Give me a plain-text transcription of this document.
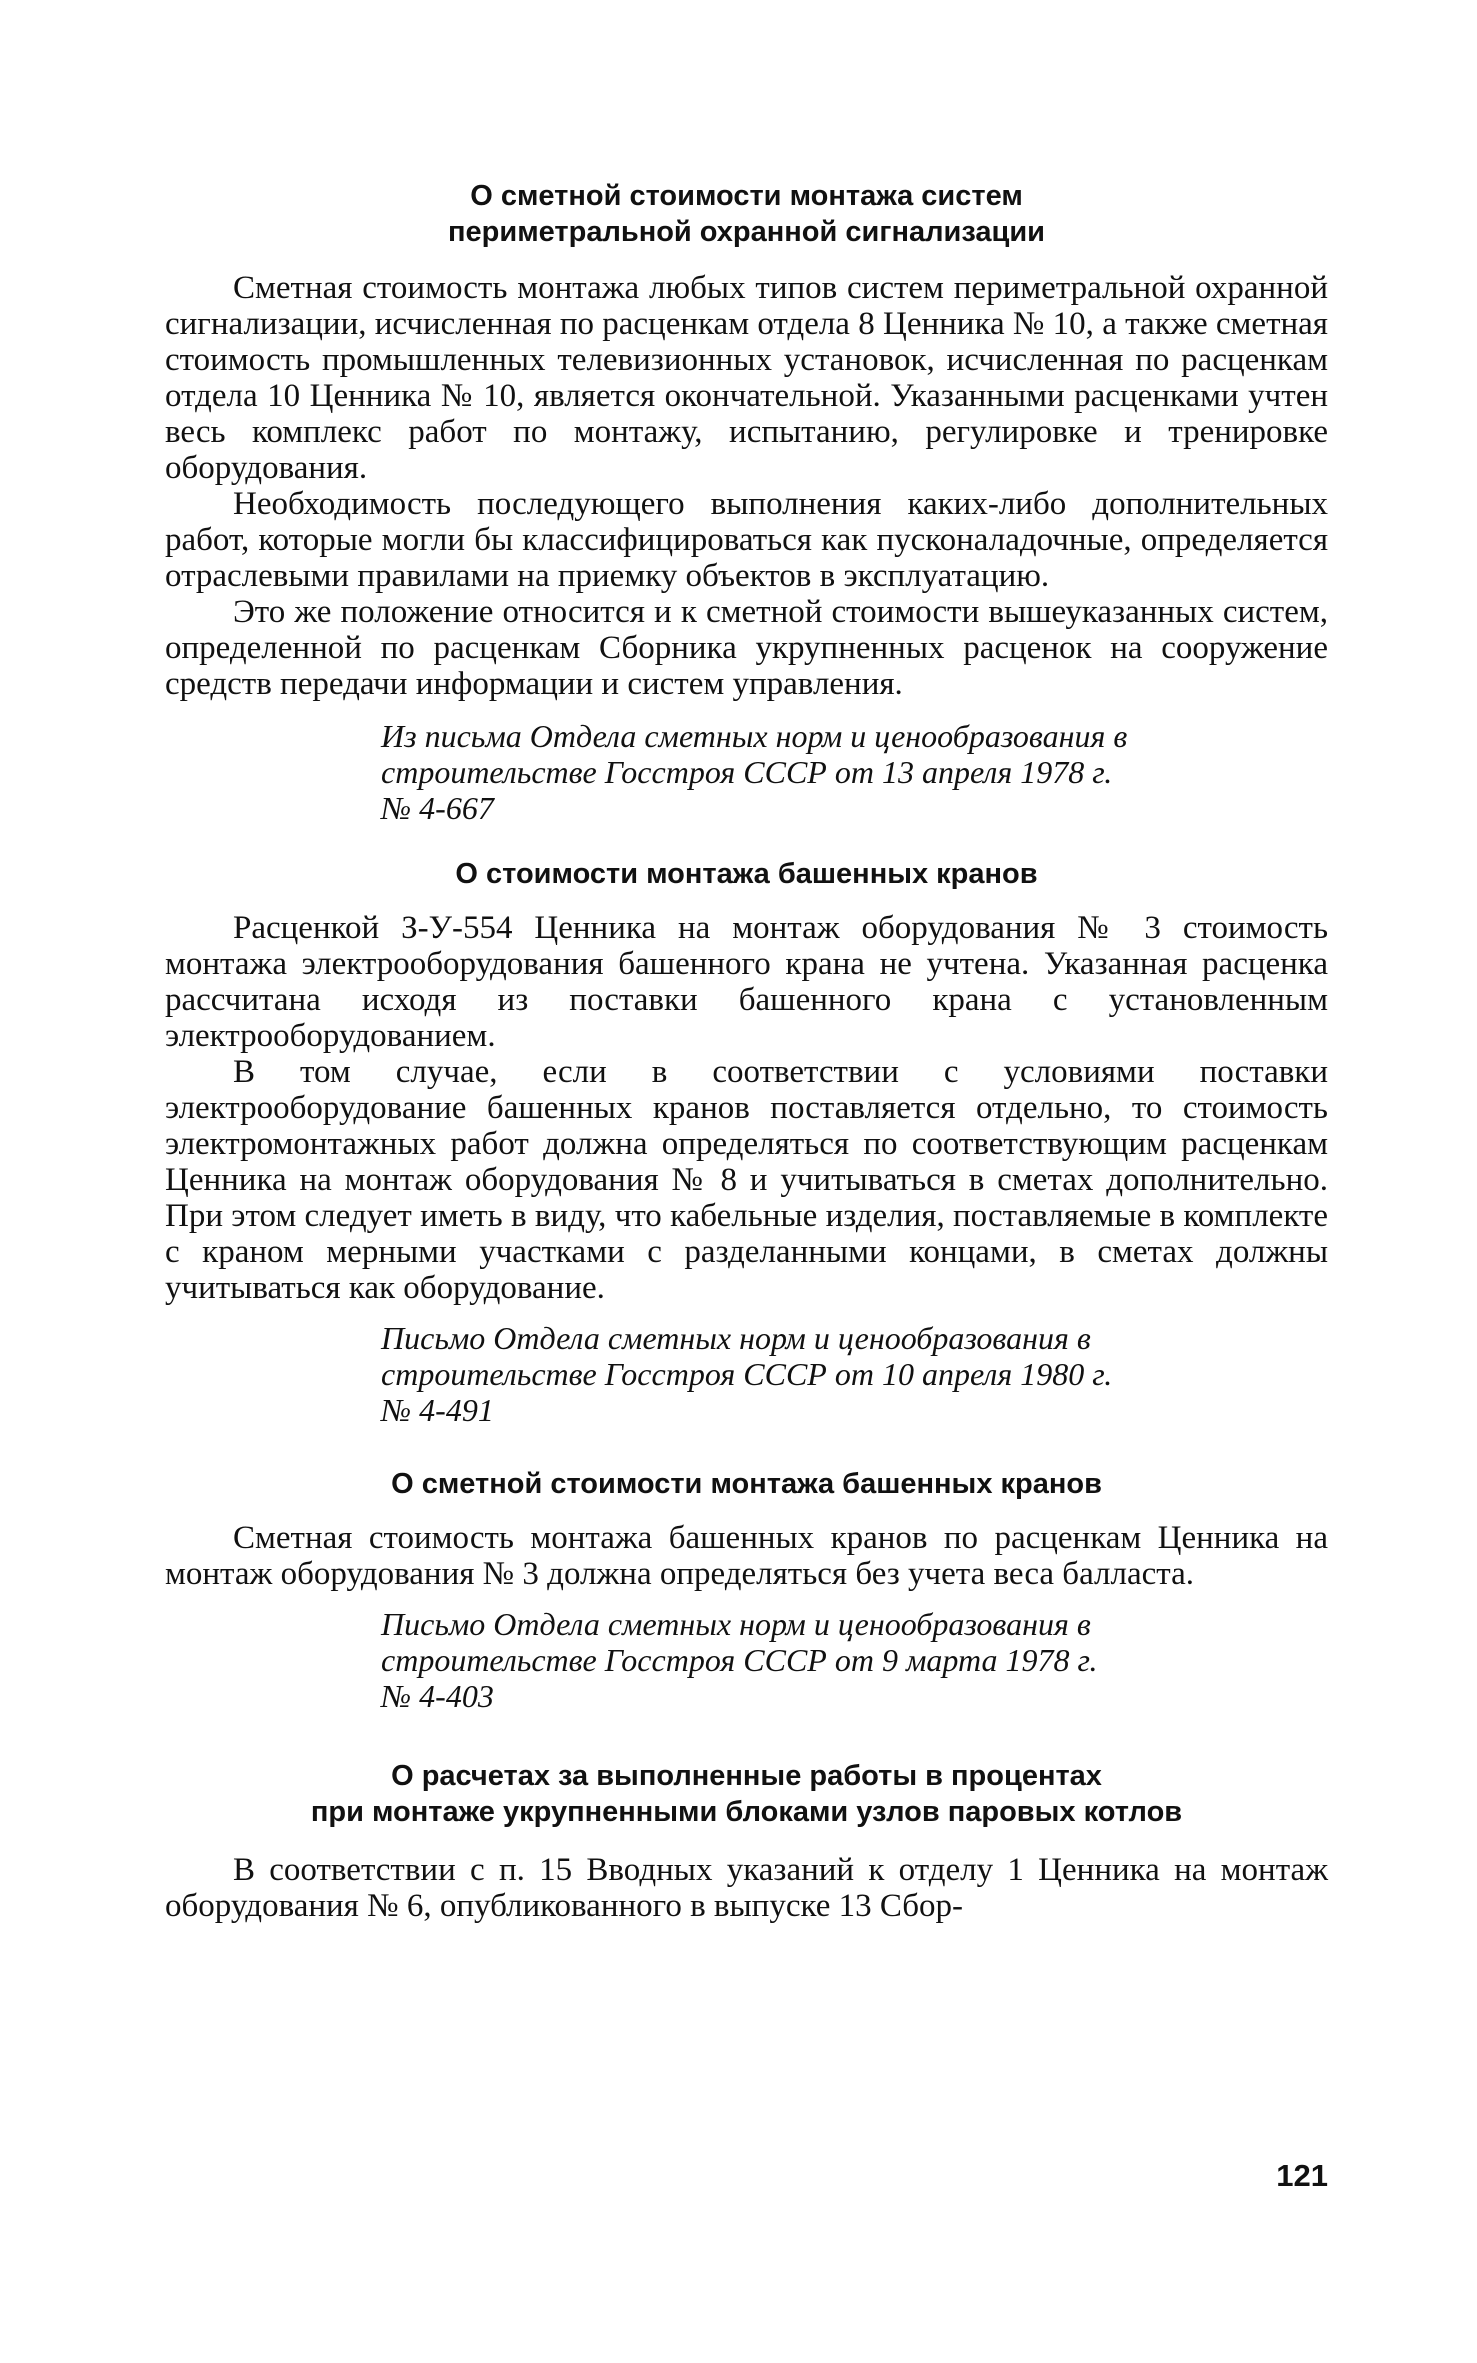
О сметной стоимости монтажа систем
периметральной охранной сигнализации

Сметная стоимость монтажа любых типов систем периметральной охранной сигнализации, исчисленная по расценкам отдела 8 Ценника № 10, а также сметная стоимость промышленных телевизионных установок, исчисленная по расценкам отдела 10 Ценника № 10, является окончательной. Указанными расценками учтен весь комплекс работ по монтажу, испытанию, регулировке и тренировке оборудования.

Необходимость последующего выполнения каких-либо дополнительных работ, которые могли бы классифицироваться как пусконаладочные, определяется отраслевыми правилами на приемку объектов в эксплуатацию.

Это же положение относится и к сметной стоимости вышеуказанных систем, определенной по расценкам Сборника укрупненных расценок на сооружение средств передачи информации и систем управления.

Из письма Отдела сметных норм и ценообразования в
строительстве Госстроя СССР от 13 апреля 1978 г.
№ 4-667
О стоимости монтажа башенных кранов

Расценкой З-У-554 Ценника на монтаж оборудования № 3 стоимость монтажа электрооборудования башенного крана не учтена. Указанная расценка рассчитана исходя из поставки башенного крана с установленным электрооборудованием.

В том случае, если в соответствии с условиями поставки электрооборудование башенных кранов поставляется отдельно, то стоимость электромонтажных работ должна определяться по соответствующим расценкам Ценника на монтаж оборудования № 8 и учитываться в сметах дополнительно. При этом следует иметь в виду, что кабельные изделия, поставляемые в комплекте с краном мерными участками с разделанными концами, в сметах должны учитываться как оборудование.

Письмо Отдела сметных норм и ценообразования в
строительстве Госстроя СССР от 10 апреля 1980 г.
№ 4-491
О сметной стоимости монтажа башенных кранов

Сметная стоимость монтажа башенных кранов по расценкам Ценника на монтаж оборудования № 3 должна определяться без учета веса балласта.

Письмо Отдела сметных норм и ценообразования в
строительстве Госстроя СССР от 9 марта 1978 г.
№ 4-403
О расчетах за выполненные работы в процентах
при монтаже укрупненными блоками узлов паровых котлов

В соответствии с п. 15 Вводных указаний к отделу 1 Ценника на монтаж оборудования № 6, опубликованного в выпуске 13 Сбор-

121
